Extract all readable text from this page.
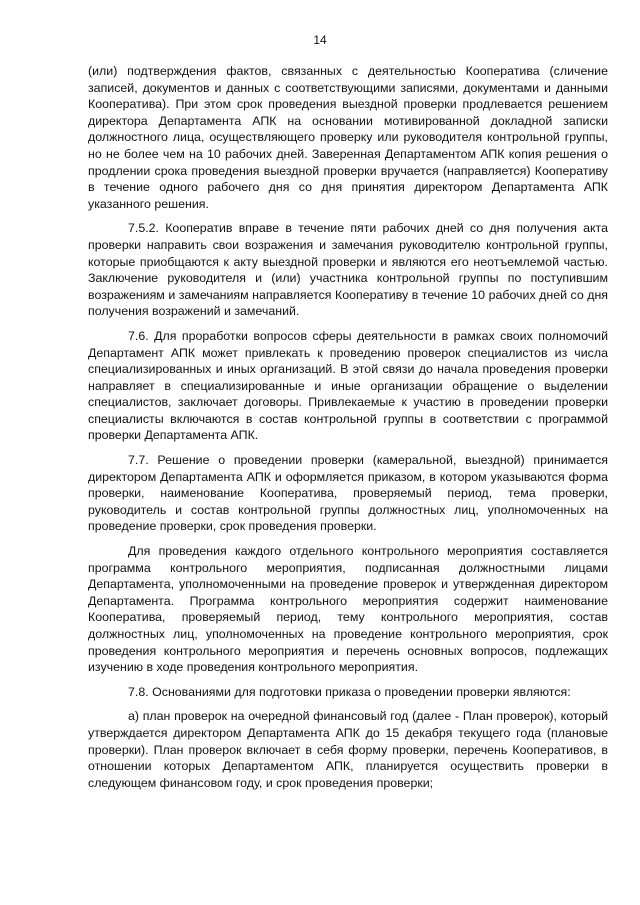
14

(или) подтверждения фактов, связанных с деятельностью Кооператива (сличение записей, документов и данных с соответствующими записями, документами и данными Кооператива). При этом срок проведения выездной проверки продлевается решением директора Департамента АПК на основании мотивированной докладной записки должностного лица, осуществляющего проверку или руководителя контрольной группы, но не более чем на 10 рабочих дней. Заверенная Департаментом АПК копия решения о продлении срока проведения выездной проверки вручается (направляется) Кооперативу в течение одного рабочего дня со дня принятия директором Департамента АПК указанного решения.

7.5.2. Кооператив вправе в течение пяти рабочих дней со дня получения акта проверки направить свои возражения и замечания руководителю контрольной группы, которые приобщаются к акту выездной проверки и являются его неотъемлемой частью. Заключение руководителя и (или) участника контрольной группы по поступившим возражениям и замечаниям направляется Кооперативу в течение 10 рабочих дней со дня получения возражений и замечаний.

7.6. Для проработки вопросов сферы деятельности в рамках своих полномочий Департамент АПК может привлекать к проведению проверок специалистов из числа специализированных и иных организаций. В этой связи до начала проведения проверки направляет в специализированные и иные организации обращение о выделении специалистов, заключает договоры. Привлекаемые к участию в проведении проверки специалисты включаются в состав контрольной группы в соответствии с программой проверки Департамента АПК.

7.7. Решение о проведении проверки (камеральной, выездной) принимается директором Департамента АПК и оформляется приказом, в котором указываются форма проверки, наименование Кооператива, проверяемый период, тема проверки, руководитель и состав контрольной группы должностных лиц, уполномоченных на проведение проверки, срок проведения проверки.

Для проведения каждого отдельного контрольного мероприятия составляется программа контрольного мероприятия, подписанная должностными лицами Департамента, уполномоченными на проведение проверок и утвержденная директором Департамента. Программа контрольного мероприятия содержит наименование Кооператива, проверяемый период, тему контрольного мероприятия, состав должностных лиц, уполномоченных на проведение контрольного мероприятия, срок проведения контрольного мероприятия и перечень основных вопросов, подлежащих изучению в ходе проведения контрольного мероприятия.

7.8. Основаниями для подготовки приказа о проведении проверки являются:

а) план проверок на очередной финансовый год (далее - План проверок), который утверждается директором Департамента АПК до 15 декабря текущего года (плановые проверки). План проверок включает в себя форму проверки, перечень Кооперативов, в отношении которых Департаментом АПК, планируется осуществить проверки в следующем финансовом году, и срок проведения проверки;
